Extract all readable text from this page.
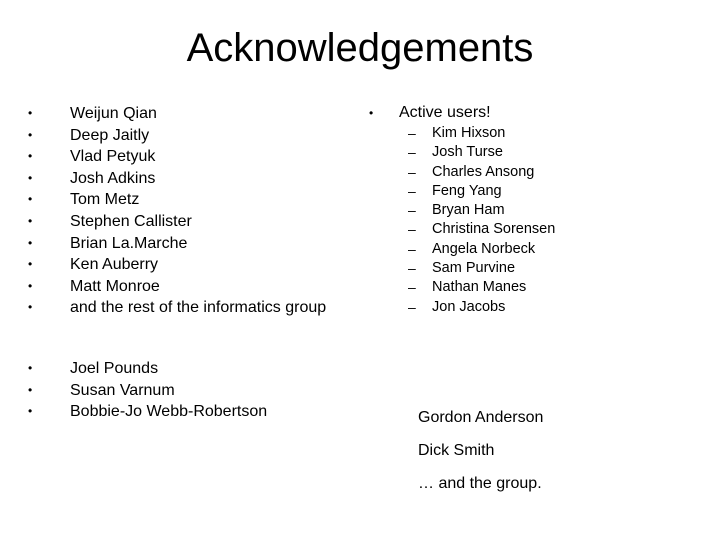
Acknowledgements
• Weijun Qian
• Deep Jaitly
• Vlad Petyuk
• Josh Adkins
• Tom Metz
• Stephen Callister
• Brian La.Marche
• Ken Auberry
• Matt Monroe
• and the rest of the informatics group
• Joel Pounds
• Susan Varnum
• Bobbie-Jo Webb-Robertson
• Active users!
– Kim Hixson
– Josh Turse
– Charles Ansong
– Feng Yang
– Bryan Ham
– Christina Sorensen
– Angela Norbeck
– Sam Purvine
– Nathan Manes
– Jon Jacobs
Gordon Anderson
Dick Smith
… and the group.
